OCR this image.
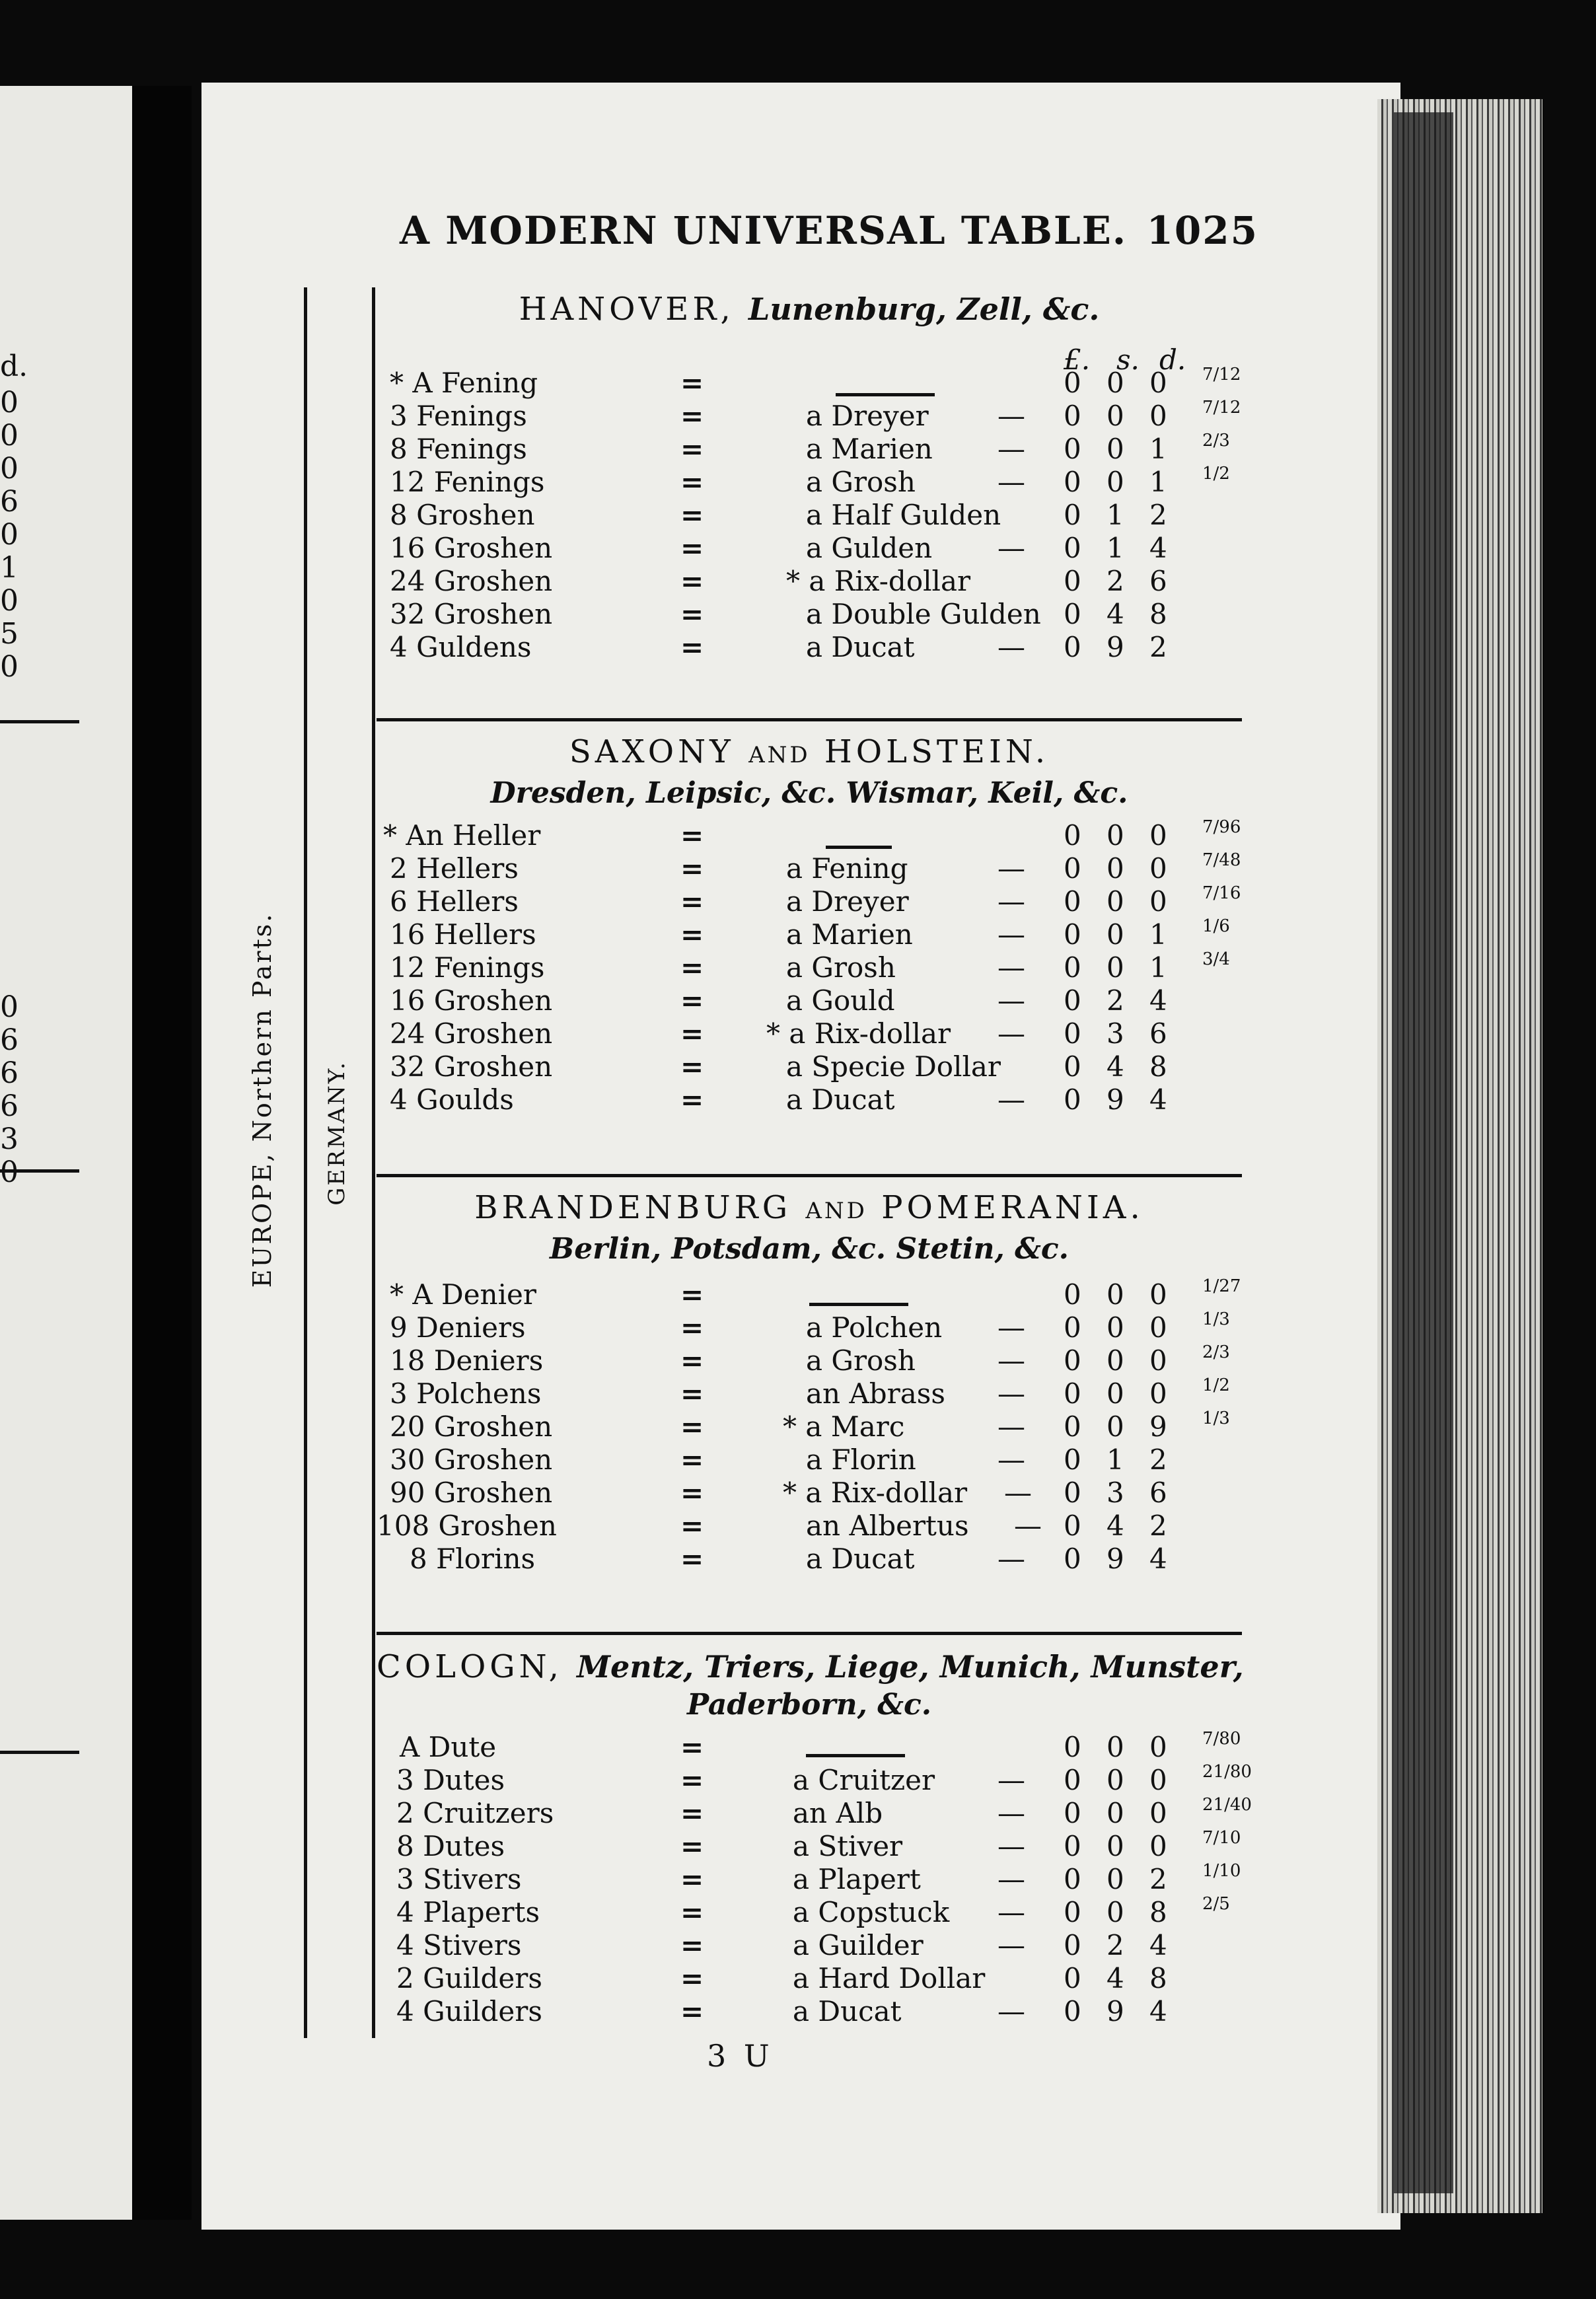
d.
0
0
0
6
0
1
0
5
0
0
6
6
6
3
A MODERN UNIVERSAL TABLE. 1025
EUROPE, Northern Parts. GERMANY.
£. s. d.
HANOVER, Lunenburg, Zell, &c.
* A Fening	=	0 0 0 7/12
3 Fenings	=	a Dreyer — 0 0 0 7/12
8 Fenings	=	a Marien — 0 0 1 2/3
12 Fenings	=	a Grosh	— 0 0 1 1/2
8 Groshen	=	a Half Gulden 0 1 2
16 Groshen	=	a Gulden — 0 1 4
24 Groshen	=	* a Rix-dollar	0 2 6
32 Groshen	=	a Double Gulden 0 4 8
4 Guldens	=	a Ducat	— 0 9 2
SAXONY AND HOLSTEIN.
Dresden, Leipsic, &c. Wismar, Keil, &c.
* An Heller	=	0 0 0 7/96
2 Hellers	=	a Fening	— 0 0 0 7/48
6 Hellers	=	a Dreyer	— 0 0 0 7/16
16 Hellers	=	a Marien	— 0 0 1 1/6
12 Fenings	=	a Grosh	— 0 0 1 3/4
16 Groshen	=	a Gould	— 0 2 4
24 Groshen	= * a Rix-dollar — 0 3 6
32 Groshen	=	a Specie Dollar 0 4 8
4 Goulds	=	a Ducat	— 0 9 4
BRANDENBURG AND POMERANIA.
Berlin, Potsdam, &c. Stetin, &c.
* A Denier	=	0 0 0 1/27
9 Deniers	=	a Polchen — 0 0 0 1/3
18 Deniers	=	a Grosh	— 0 0 0 2/3
3 Polchens	=	an Abrass — 0 0 0 1/2
20 Groshen	=	* a Marc	— 0 0 9 1/3
30 Groshen	=	a Florin	— 0 1 2
90 Groshen	=	* a Rix-dollar — 0 3 6
108 Groshen	=	an Albertus — 0 4 2
8 Florins	=	a Ducat	— 0 9 4
COLOGN, Mentz, Triers, Liege, Munich, Munster,
Paderborn, &c.
A Dute	=	0 0 0 7/80
3 Dutes	=	a Cruitzer — 0 0 0 21/80
2 Cruitzers	=	an Alb	— 0 0 0 21/40
8 Dutes	=	a Stiver	— 0 0 0 7/10
3 Stivers	=	a Plapert	— 0 0 2 1/10
4 Plaperts	=	a Copstuck — 0 0 8 2/5
4 Stivers	=	a Guilder	— 0 2 4
2 Guilders	=	a Hard Dollar	0 4 8
4 Guilders	=	a Ducat	— 0 9 4
3 U
